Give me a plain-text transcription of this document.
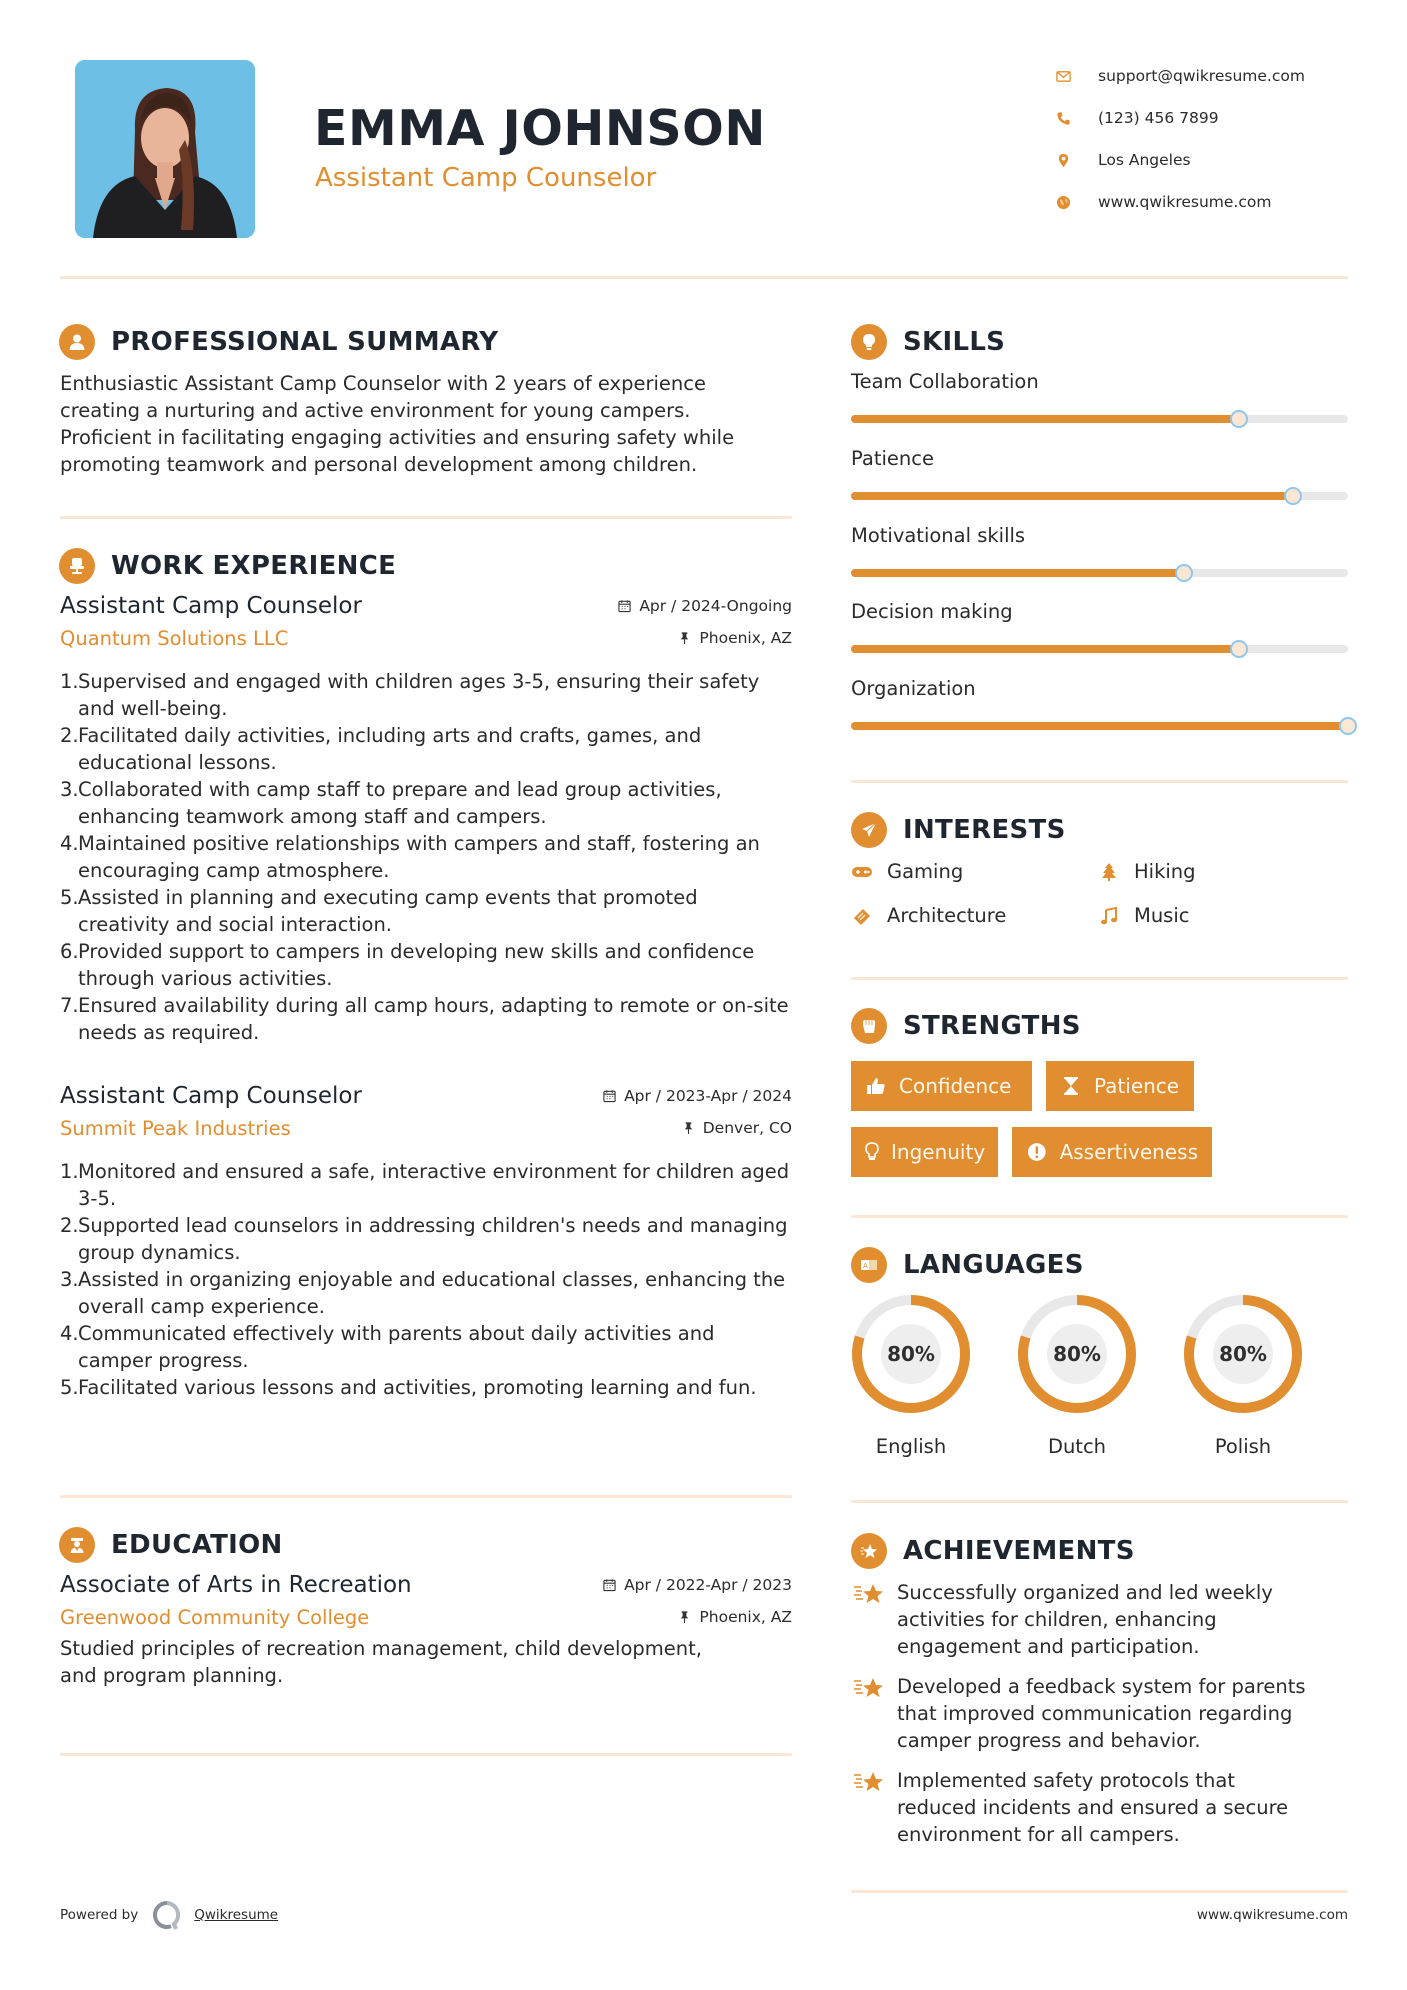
EMMA JOHNSON
Assistant Camp Counselor
support@qwikresume.com
(123) 456 7899
Los Angeles
www.qwikresume.com
PROFESSIONAL SUMMARY
Enthusiastic Assistant Camp Counselor with 2 years of experience
creating a nurturing and active environment for young campers.
Proficient in facilitating engaging activities and ensuring safety while
promoting teamwork and personal development among children.
WORK EXPERIENCE
Assistant Camp Counselor	Apr / 2024-Ongoing
Quantum Solutions LLC	Phoenix, AZ
1.Supervised and engaged with children ages 3-5, ensuring their safety and well-being.
2.Facilitated daily activities, including arts and crafts, games, and educational lessons.
3.Collaborated with camp staff to prepare and lead group activities, enhancing teamwork among staff and campers.
4.Maintained positive relationships with campers and staff, fostering an encouraging camp atmosphere.
5.Assisted in planning and executing camp events that promoted creativity and social interaction.
6.Provided support to campers in developing new skills and confidence through various activities.
7.Ensured availability during all camp hours, adapting to remote or on-site needs as required.
Assistant Camp Counselor	Apr / 2023-Apr / 2024
Summit Peak Industries	Denver, CO
1.Monitored and ensured a safe, interactive environment for children aged 3-5.
2.Supported lead counselors in addressing children's needs and managing group dynamics.
3.Assisted in organizing enjoyable and educational classes, enhancing the overall camp experience.
4.Communicated effectively with parents about daily activities and camper progress.
5.Facilitated various lessons and activities, promoting learning and fun.
EDUCATION
Associate of Arts in Recreation	Apr / 2022-Apr / 2023
Greenwood Community College	Phoenix, AZ
Studied principles of recreation management, child development,
and program planning.
SKILLS
Team Collaboration
Patience
Motivational skills
Decision making
Organization
INTERESTS
Gaming	Hiking
Architecture	Music
STRENGTHS
Confidence	Patience
Ingenuity	Assertiveness
A LANGUAGES
80%
English
80%
Dutch
80%
Polish
ACHIEVEMENTS
Successfully organized and led weekly
activities for children, enhancing
engagement and participation.
Developed a feedback system for parents
that improved communication regarding
camper progress and behavior.
Implemented safety protocols that
reduced incidents and ensured a secure
environment for all campers.
Powered by	Qwikresume	www.qwikresume.com
